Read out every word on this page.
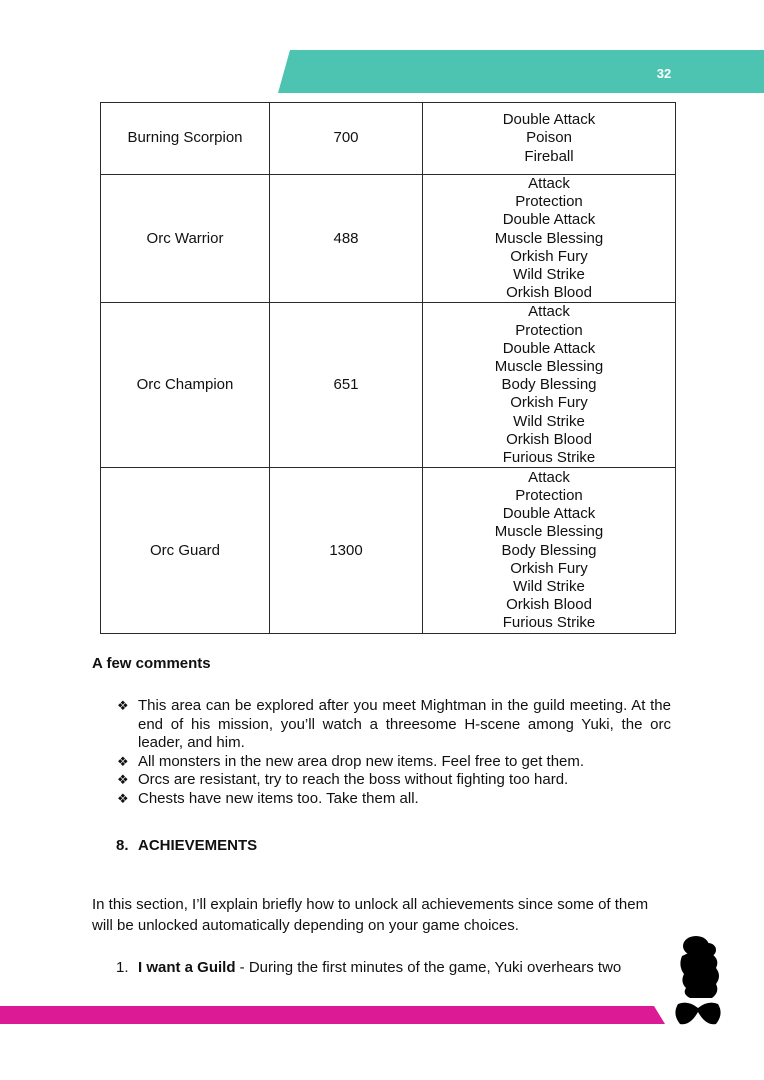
32
Burning Scorpion	700	Double Attack
Poison
Fireball

Orc Warrior	488	
Attack
Protection
Double Attack
Muscle Blessing
Orkish Fury
Wild Strike
Orkish Blood

Orc Champion	651	
Attack
Protection
Double Attack
Muscle Blessing
Body Blessing
Orkish Fury
Wild Strike
Orkish Blood
Furious Strike

Orc Guard	1300	
Attack
Protection
Double Attack
Muscle Blessing
Body Blessing
Orkish Fury
Wild Strike
Orkish Blood
Furious Strike
A few comments
❖ This area can be explored after you meet Mightman in the guild meeting. At the end of his mission, you’ll watch a threesome H-scene among Yuki, the orc leader, and him.
❖ All monsters in the new area drop new items. Feel free to get them.
❖ Orcs are resistant, try to reach the boss without fighting too hard.
❖ Chests have new items too. Take them all.
8. ACHIEVEMENTS
In this section, I’ll explain briefly how to unlock all achievements since some of them will be unlocked automatically depending on your game choices.
1. I want a Guild - During the first minutes of the game, Yuki overhears two
